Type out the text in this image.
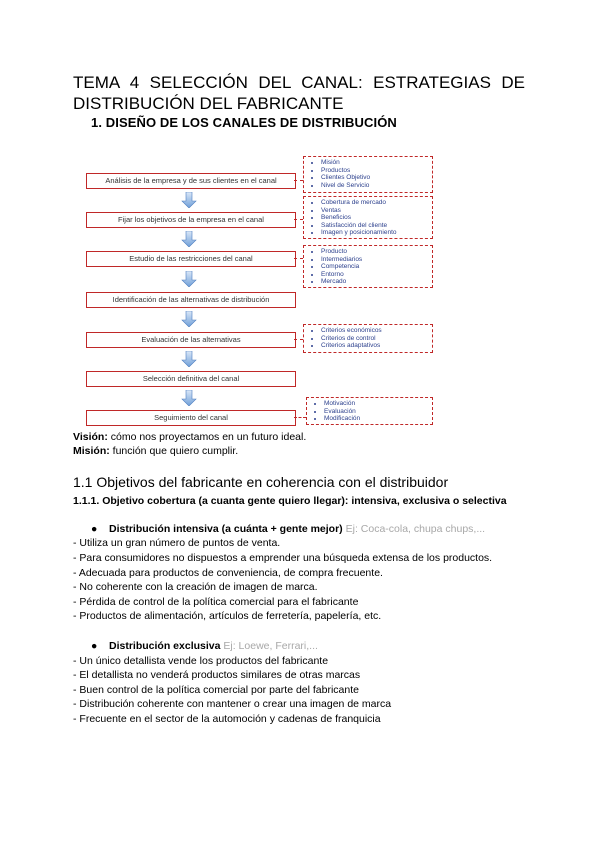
TEMA 4 SELECCIÓN DEL CANAL: ESTRATEGIAS DE DISTRIBUCIÓN DEL FABRICANTE
1. DISEÑO DE LOS CANALES DE DISTRIBUCIÓN
Análisis de la empresa y de sus clientes en el canal
Fijar los objetivos de la empresa en el canal
Estudio de las restricciones del canal
Identificación de las alternativas de distribución
Evaluación de las alternativas
Selección definitiva del canal
Seguimiento del canal
• Misión
• Productos
• Clientes Objetivo
• Nivel de Servicio
• Cobertura de mercado
• Ventas
• Beneficios
• Satisfacción del cliente
• Imagen y posicionamiento
• Producto
• Intermediarios
• Competencia
• Entorno
• Mercado
• Criterios económicos
• Criterios de control
• Criterios adaptativos
• Motivación
• Evaluación
• Modificación
Visión: cómo nos proyectamos en un futuro ideal.
Misión: función que quiero cumplir.
1.1 Objetivos del fabricante en coherencia con el distribuidor
1.1.1. Objetivo cobertura (a cuanta gente quiero llegar): intensiva, exclusiva o selectiva
● Distribución intensiva (a cuánta + gente mejor) Ej: Coca-cola, chupa chups,...
- Utiliza un gran número de puntos de venta.
- Para consumidores no dispuestos a emprender una búsqueda extensa de los productos.
- Adecuada para productos de conveniencia, de compra frecuente.
- No coherente con la creación de imagen de marca.
- Pérdida de control de la política comercial para el fabricante
- Productos de alimentación, artículos de ferretería, papelería, etc.
● Distribución exclusiva Ej: Loewe, Ferrari,...
- Un único detallista vende los productos del fabricante
- El detallista no venderá productos similares de otras marcas
- Buen control de la política comercial por parte del fabricante
- Distribución coherente con mantener o crear una imagen de marca
- Frecuente en el sector de la automoción y cadenas de franquicia
